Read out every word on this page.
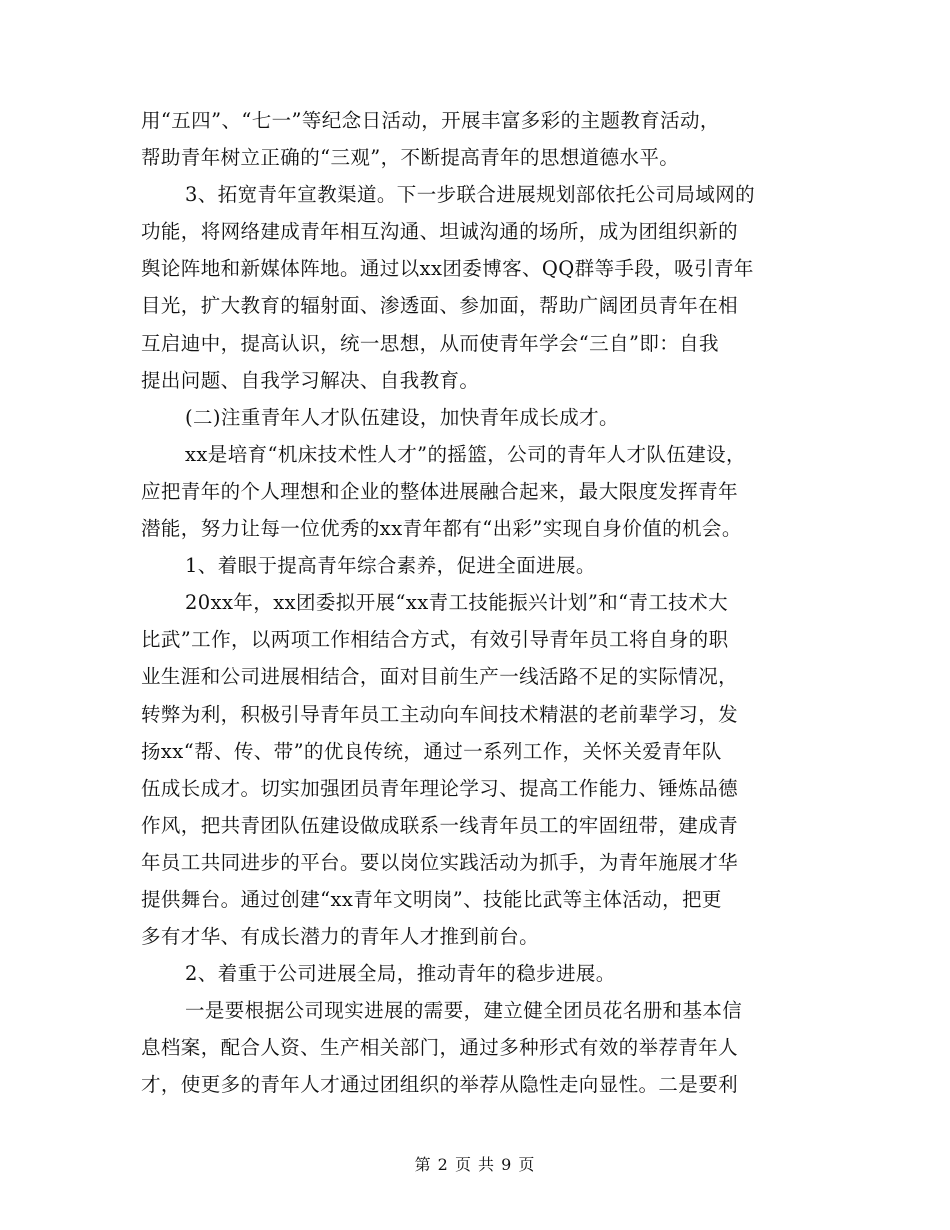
用“五四”、“七一”等纪念日活动，开展丰富多彩的主题教育活动，
帮助青年树立正确的“三观”，不断提高青年的思想道德水平。
3、拓宽青年宣教渠道。下一步联合进展规划部依托公司局域网的
功能，将网络建成青年相互沟通、坦诚沟通的场所，成为团组织新的
舆论阵地和新媒体阵地。通过以xx团委博客、QQ群等手段，吸引青年
目光，扩大教育的辐射面、渗透面、参加面，帮助广阔团员青年在相
互启迪中，提高认识，统一思想，从而使青年学会“三自”即：自我
提出问题、自我学习解决、自我教育。
(二)注重青年人才队伍建设，加快青年成长成才。
xx是培育“机床技术性人才”的摇篮，公司的青年人才队伍建设，
应把青年的个人理想和企业的整体进展融合起来，最大限度发挥青年
潜能，努力让每一位优秀的xx青年都有“出彩”实现自身价值的机会。
1、着眼于提高青年综合素养，促进全面进展。
20xx年，xx团委拟开展“xx青工技能振兴计划”和“青工技术大
比武”工作，以两项工作相结合方式，有效引导青年员工将自身的职
业生涯和公司进展相结合，面对目前生产一线活路不足的实际情况，
转弊为利，积极引导青年员工主动向车间技术精湛的老前辈学习，发
扬xx“帮、传、带”的优良传统，通过一系列工作，关怀关爱青年队
伍成长成才。切实加强团员青年理论学习、提高工作能力、锤炼品德
作风，把共青团队伍建设做成联系一线青年员工的牢固纽带，建成青
年员工共同进步的平台。要以岗位实践活动为抓手，为青年施展才华
提供舞台。通过创建“xx青年文明岗”、技能比武等主体活动，把更
多有才华、有成长潜力的青年人才推到前台。
2、着重于公司进展全局，推动青年的稳步进展。
一是要根据公司现实进展的需要，建立健全团员花名册和基本信
息档案，配合人资、生产相关部门，通过多种形式有效的举荐青年人
才，使更多的青年人才通过团组织的举荐从隐性走向显性。二是要利
第 2 页 共 9 页
